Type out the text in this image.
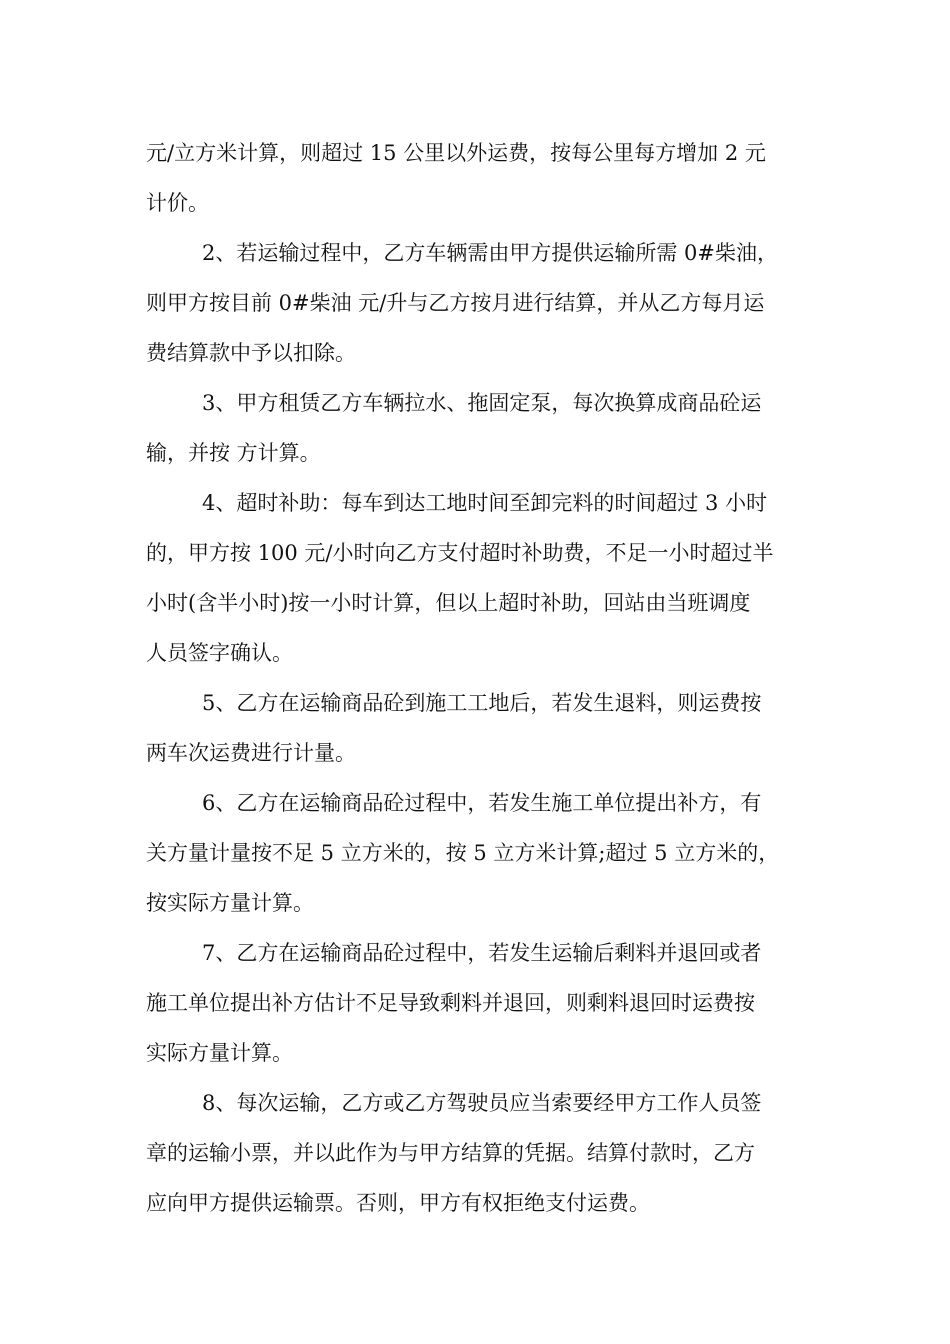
元/立方米计算，则超过 15 公里以外运费，按每公里每方增加 2 元
计价。
2、若运输过程中，乙方车辆需由甲方提供运输所需 0#柴油，
则甲方按目前 0#柴油 元/升与乙方按月进行结算，并从乙方每月运
费结算款中予以扣除。
3、甲方租赁乙方车辆拉水、拖固定泵，每次换算成商品砼运
输，并按 方计算。
4、超时补助：每车到达工地时间至卸完料的时间超过 3 小时
的，甲方按 100 元/小时向乙方支付超时补助费，不足一小时超过半
小时(含半小时)按一小时计算，但以上超时补助，回站由当班调度
人员签字确认。
5、乙方在运输商品砼到施工工地后，若发生退料，则运费按
两车次运费进行计量。
6、乙方在运输商品砼过程中，若发生施工单位提出补方，有
关方量计量按不足 5 立方米的，按 5 立方米计算;超过 5 立方米的，
按实际方量计算。
7、乙方在运输商品砼过程中，若发生运输后剩料并退回或者
施工单位提出补方估计不足导致剩料并退回，则剩料退回时运费按
实际方量计算。
8、每次运输，乙方或乙方驾驶员应当索要经甲方工作人员签
章的运输小票，并以此作为与甲方结算的凭据。结算付款时，乙方
应向甲方提供运输票。否则，甲方有权拒绝支付运费。
